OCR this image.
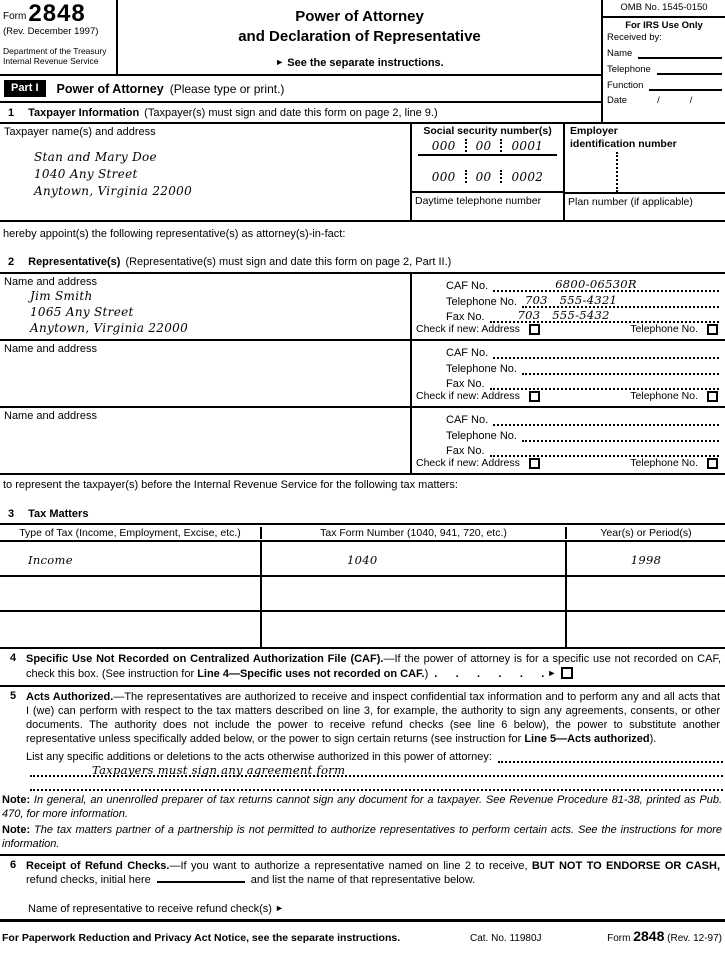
Form 2848
(Rev. December 1997)
Department of the Treasury
Internal Revenue Service
Power of Attorney
and Declaration of Representative
► See the separate instructions.
Part I	Power of Attorney (Please type or print.)
1 Taxpayer Information (Taxpayer(s) must sign and date this form on page 2, line 9.)
OMB No. 1545-0150
For IRS Use Only
Received by:
Name
Telephone
Function
Date	/	/
Taxpayer name(s) and address
Stan and Mary Doe
1040 Any Street
Anytown, Virginia 22000
Social security number(s)
000 00 0001
000 00 0002
Daytime telephone number
Employer identification number
Plan number (if applicable)
hereby appoint(s) the following representative(s) as attorney(s)-in-fact:
2 Representative(s) (Representative(s) must sign and date this form on page 2, Part II.)
Name and address
Jim Smith
1065 Any Street
Anytown, Virginia 22000
CAF No.	6800-06530R
Telephone No. 703   555-4321
Fax No.	703   555-5432
Check if new: Address	Telephone No.
Name and address	CAF No.
Telephone No.
Fax No.
Check if new: Address	Telephone No.
Name and address	CAF No.
Telephone No.
Fax No.
Check if new: Address	Telephone No.
to represent the taxpayer(s) before the Internal Revenue Service for the following tax matters:
3 Tax Matters
Type of Tax (Income, Employment, Excise, etc.)	Tax Form Number (1040, 941, 720, etc.)	Year(s) or Period(s)
Income	1040	1998
4 Specific Use Not Recorded on Centralized Authorization File (CAF).—If the power of attorney is for a specific use not recorded on CAF, check this box. (See instruction for Line 4—Specific uses not recorded on CAF.) .      .      .      .      .      . ►
5 Acts Authorized.—The representatives are authorized to receive and inspect confidential tax information and to perform any and all acts that I (we) can perform with respect to the tax matters described on line 3, for example, the authority to sign any agreements, consents, or other documents. The authority does not include the power to receive refund checks (see line 6 below), the power to substitute another representative unless specifically added below, or the power to sign certain returns (see instruction for Line 5—Acts authorized).
List any specific additions or deletions to the acts otherwise authorized in this power of attorney:
Taxpayers must sign any agreement form
Note: In general, an unenrolled preparer of tax returns cannot sign any document for a taxpayer. See Revenue Procedure 81-38, printed as Pub. 470, for more information.
Note: The tax matters partner of a partnership is not permitted to authorize representatives to perform certain acts. See the instructions for more information.
6 Receipt of Refund Checks.—If you want to authorize a representative named on line 2 to receive, BUT NOT TO ENDORSE OR CASH, refund checks, initial here	and list the name of that representative below.
Name of representative to receive refund check(s) ►
For Paperwork Reduction and Privacy Act Notice, see the separate instructions.	Cat. No. 11980J	Form 2848 (Rev. 12-97)
